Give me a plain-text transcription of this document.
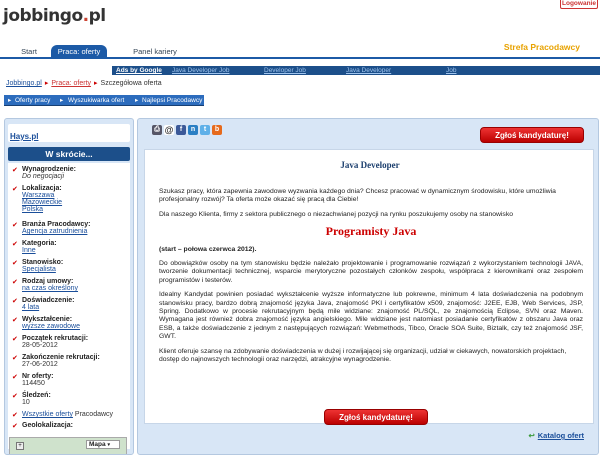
jobbingo.pl
Logowanie
Start	Praca: oferty	Panel kariery	Strefa Pracodawcy
Ads by Google Java Developer Job	Developer Job	Java Developer	Job
Jobbingo.pl ▸ Praca: oferty ▸ Szczegółowa oferta
▸ Oferty pracy ▸ Wyszukiwarka ofert ▸ Najlepsi Pracodawcy
Hays.pl
W skrócie...
✔ Wynagrodzenie:
Do negocjacji
✔ Lokalizacja:
Warszawa
Mazowieckie
Polska
✔ Branża Pracodawcy:
Agencja zatrudnienia
✔ Kategoria:
Inne
✔ Stanowisko:
Specjalista
✔ Rodzaj umowy:
na czas określony
✔ Doświadczenie:
4 lata
✔ Wykształcenie:
wyższe zawodowe
✔ Początek rekrutacji:
28-05-2012
✔ Zakończenie rekrutacji:
27-06-2012
✔ Nr oferty:
114450
✔ Śledzeń:
10
✔ Wszystkie oferty Pracodawcy
✔ Geolokalizacja:
+	Mapa ▾
⎙ @ f	n	t	b
Zgłoś kandydaturę!
Java Developer

Szukasz pracy, która zapewnia zawodowe wyzwania każdego dnia? Chcesz pracować w dynamicznym środowisku, które umożliwia profesjonalny rozwój? Ta oferta może okazać się pracą dla Ciebie!

Dla naszego Klienta, firmy z sektora publicznego o niezachwianej pozycji na rynku poszukujemy osoby na stanowisko

Programisty Java

(start – połowa czerwca 2012).

Do obowiązków osoby na tym stanowisku będzie należało projektowanie i programowanie rozwiązań z wykorzystaniem technologii JAVA, tworzenie dokumentacji technicznej, wsparcie merytoryczne pozostałych członków zespołu, współpraca z kierownikami oraz zespołem programistów i testerów.

Idealny Kandydat powinien posiadać wykształcenie wyższe informatyczne lub pokrewne, minimum 4 lata doświadczenia na podobnym stanowisku pracy, bardzo dobrą znajomość języka Java, znajomość PKI i certyfikatów x509, znajomość: J2EE, EJB, Web Services, JSP, Spring. Dodatkowo w procesie rekrutacyjnym będą mile widziane: znajomość PL/SQL, ze znajomością Eclipse, SVN oraz Maven. Wymagana jest również dobra znajomość języka angielskiego. Mile widziane jest natomiast posiadanie certyfikatów z obszaru Java oraz ESB, a także doświadczenie z jednym z następujących rozwiązań: Webmethods, Tibco, Oracle SOA Suite, Biztalk, czy też znajomość JSF, GWT.

Klient oferuje szansę na zdobywanie doświadczenia w dużej i rozwijającej się organizacji, udział w ciekawych, nowatorskich projektach, dostęp do najnowszych technologii oraz narzędzi, atrakcyjne wynagrodzenie.

Zgłoś kandydaturę!
↩ Katalog ofert
